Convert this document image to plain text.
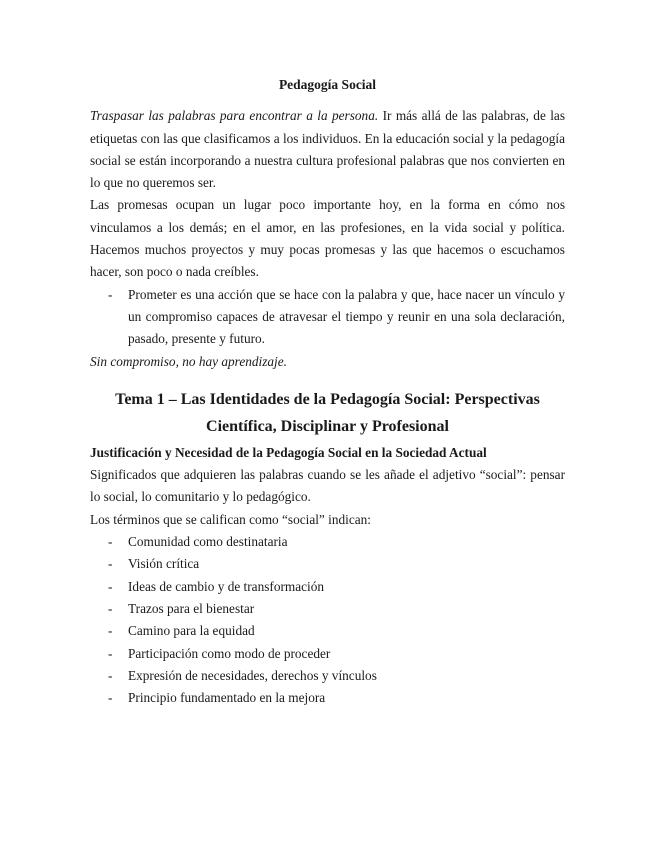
Pedagogía Social

Traspasar las palabras para encontrar a la persona. Ir más allá de las palabras, de las etiquetas con las que clasificamos a los individuos. En la educación social y la pedagogía social se están incorporando a nuestra cultura profesional palabras que nos convierten en lo que no queremos ser.

Las promesas ocupan un lugar poco importante hoy, en la forma en cómo nos vinculamos a los demás; en el amor, en las profesiones, en la vida social y política. Hacemos muchos proyectos y muy pocas promesas y las que hacemos o escuchamos hacer, son poco o nada creíbles.

- Prometer es una acción que se hace con la palabra y que, hace nacer un vínculo y un compromiso capaces de atravesar el tiempo y reunir en una sola declaración, pasado, presente y futuro.

Sin compromiso, no hay aprendizaje.

Tema 1 – Las Identidades de la Pedagogía Social: Perspectivas Científica, Disciplinar y Profesional

Justificación y Necesidad de la Pedagogía Social en la Sociedad Actual

Significados que adquieren las palabras cuando se les añade el adjetivo “social”: pensar lo social, lo comunitario y lo pedagógico.

Los términos que se califican como “social” indican:

- Comunidad como destinataria
- Visión crítica
- Ideas de cambio y de transformación
- Trazos para el bienestar
- Camino para la equidad
- Participación como modo de proceder
- Expresión de necesidades, derechos y vínculos
- Principio fundamentado en la mejora
